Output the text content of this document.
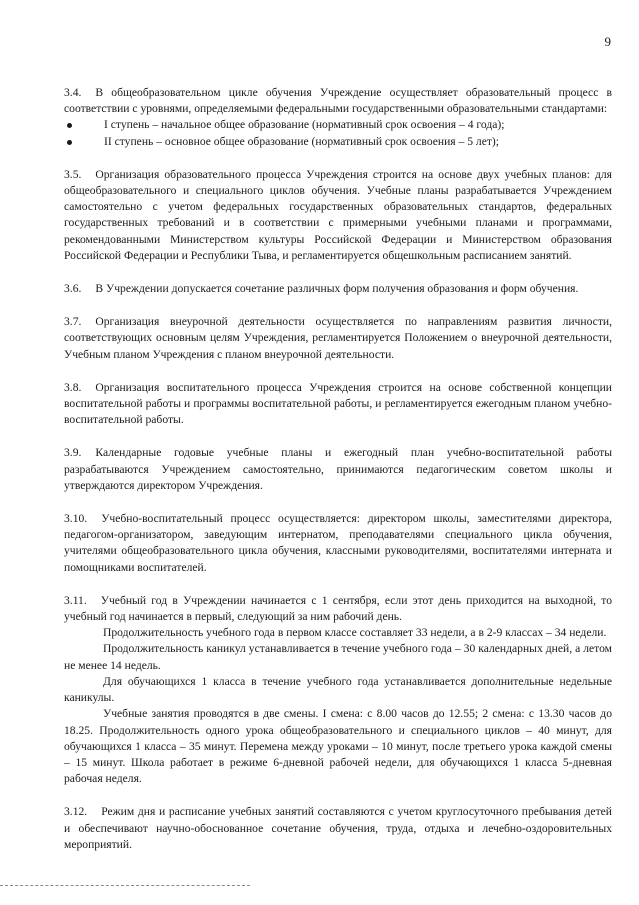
9

3.4. В общеобразовательном цикле обучения Учреждение осуществляет образовательный процесс в соответствии с уровнями, определяемыми федеральными государственными образовательными стандартами:

I ступень – начальное общее образование (нормативный срок освоения – 4 года);
II ступень – основное общее образование (нормативный срок освоения – 5 лет);

3.5. Организация образовательного процесса Учреждения строится на основе двух учебных планов: для общеобразовательного и специального циклов обучения. Учебные планы разрабатывается Учреждением самостоятельно с учетом федеральных государственных образовательных стандартов, федеральных государственных требований и в соответствии с примерными учебными планами и программами, рекомендованными Министерством культуры Российской Федерации и Министерством образования Российской Федерации и Республики Тыва, и регламентируется общешкольным расписанием занятий.

3.6. В Учреждении допускается сочетание различных форм получения образования и форм обучения.

3.7. Организация внеурочной деятельности осуществляется по направлениям развития личности, соответствующих основным целям Учреждения, регламентируется Положением о внеурочной деятельности, Учебным планом Учреждения с планом внеурочной деятельности.

3.8. Организация воспитательного процесса Учреждения строится на основе собственной концепции воспитательной работы и программы воспитательной работы, и регламентируется ежегодным планом учебно-воспитательной работы.

3.9. Календарные годовые учебные планы и ежегодный план учебно-воспитательной работы разрабатываются Учреждением самостоятельно, принимаются педагогическим советом школы и утверждаются директором Учреждения.

3.10. Учебно-воспитательный процесс осуществляется: директором школы, заместителями директора, педагогом-организатором, заведующим интернатом, преподавателями специального цикла обучения, учителями общеобразовательного цикла обучения, классными руководителями, воспитателями интерната и помощниками воспитателей.

3.11. Учебный год в Учреждении начинается с 1 сентября, если этот день приходится на выходной, то учебный год начинается в первый, следующий за ним рабочий день.

Продолжительность учебного года в первом классе составляет 33 недели, а в 2-9 классах – 34 недели.

Продолжительность каникул устанавливается в течение учебного года – 30 календарных дней, а летом не менее 14 недель.

Для обучающихся 1 класса в течение учебного года устанавливается дополнительные недельные каникулы.

Учебные занятия проводятся в две смены. I смена: с 8.00 часов до 12.55; 2 смена: с 13.30 часов до 18.25. Продолжительность одного урока общеобразовательного и специального циклов – 40 минут, для обучающихся 1 класса – 35 минут. Перемена между уроками – 10 минут, после третьего урока каждой смены – 15 минут. Школа работает в режиме 6-дневной рабочей недели, для обучающихся 1 класса 5-дневная рабочая неделя.

3.12. Режим дня и расписание учебных занятий составляются с учетом круглосуточного пребывания детей и обеспечивают научно-обоснованное сочетание обучения, труда, отдыха и лечебно-оздоровительных мероприятий.
